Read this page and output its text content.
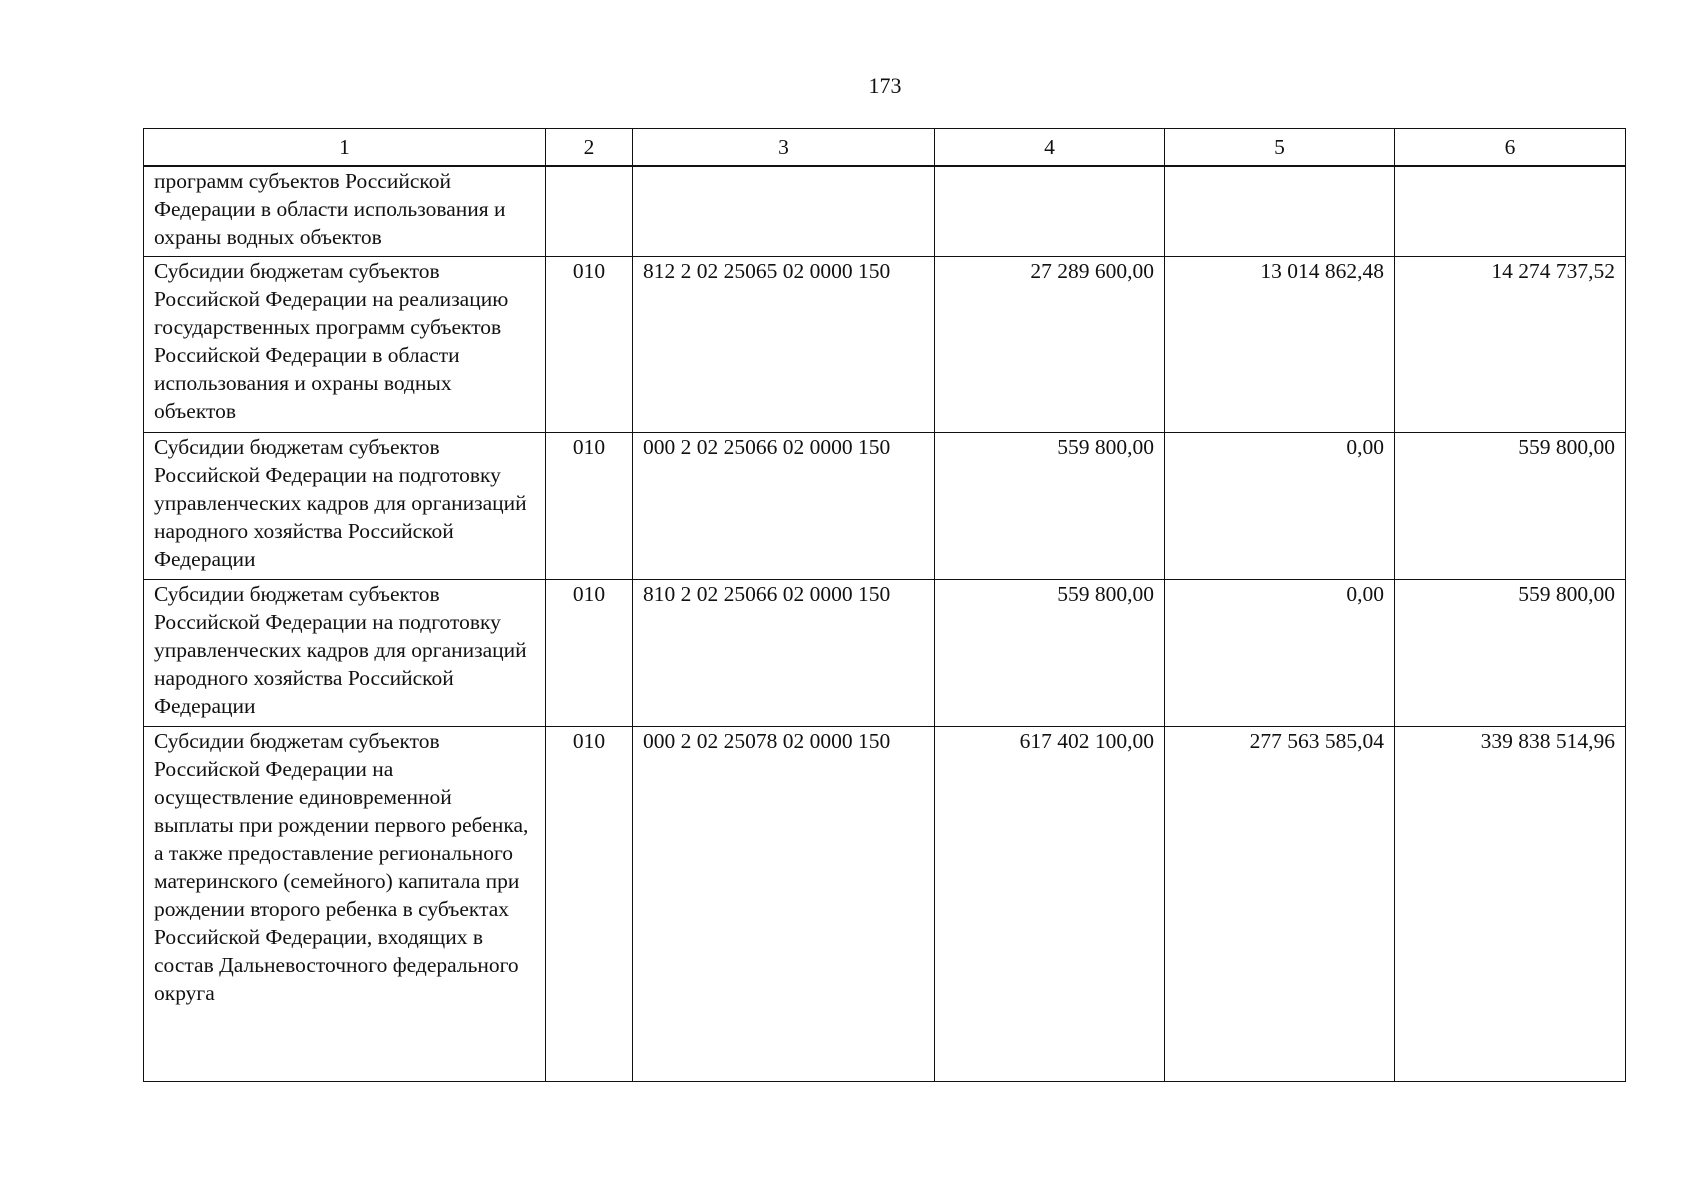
173
1	2	3	4	5	6
программ субъектов Российской Федерации в области использования и охраны водных объектов					
Субсидии бюджетам субъектов Российской Федерации на реализацию государственных программ субъектов Российской Федерации в области использования и охраны водных объектов	010	812 2 02 25065 02 0000 150	27 289 600,00	13 014 862,48	14 274 737,52
Субсидии бюджетам субъектов Российской Федерации на подготовку управленческих кадров для организаций народного хозяйства Российской Федерации	010	000 2 02 25066 02 0000 150	559 800,00	0,00	559 800,00
Субсидии бюджетам субъектов Российской Федерации на подготовку управленческих кадров для организаций народного хозяйства Российской Федерации	010	810 2 02 25066 02 0000 150	559 800,00	0,00	559 800,00
Субсидии бюджетам субъектов Российской Федерации на осуществление единовременной выплаты при рождении первого ребенка, а также предоставление регионального материнского (семейного) капитала при рождении второго ребенка в субъектах Российской Федерации, входящих в состав Дальневосточного федерального округа	010	000 2 02 25078 02 0000 150	617 402 100,00	277 563 585,04	339 838 514,96
